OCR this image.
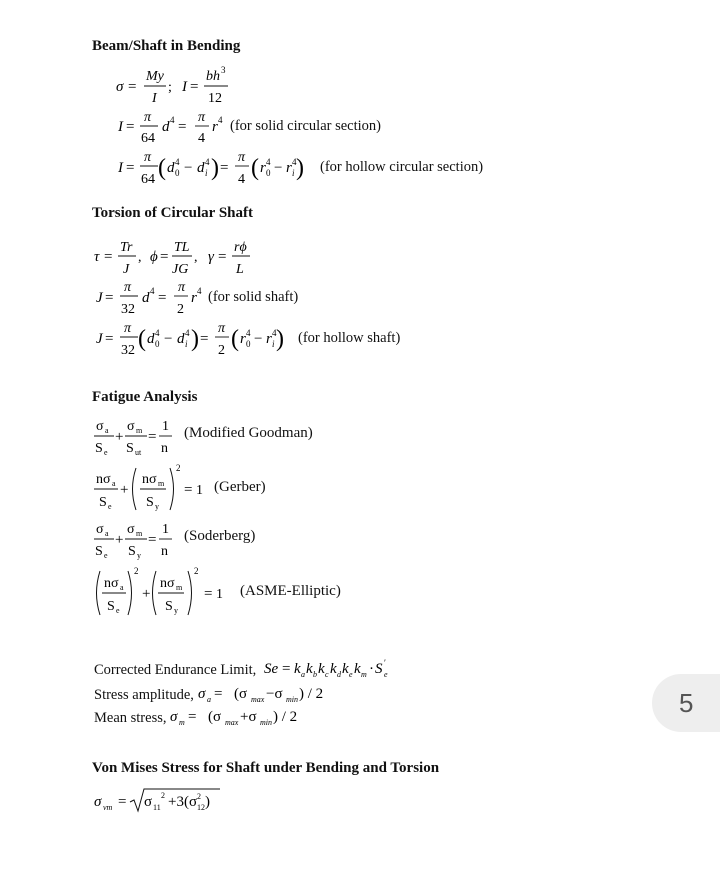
Beam/Shaft in Bending
σ =
My
I
; I =
bh 3
12
I =
π
64
d 4 =
π
4
r 4 (for solid circular section)
I =
π
64 ( d 4
0 − d 4
i ) =
π
4 ( r 4
0 − r 4
i ) (for hollow circular section)
Torsion of Circular Shaft
τ =
Tr
J
, ϕ =
TL
JG
, γ =
rϕ
L
J =
π
32
d 4 =
π
2
r 4 (for solid shaft)
J =
π
32 ( d 4
0 − d 4
i ) =
π
2 ( r 4
0 − r 4
i ) (for hollow shaft)
Fatigue Analysis
σ a
S e
+
σ m
S ut
=
1
n
(Modified Goodman)
nσ a
S e
+
nσ m
S y
2
= 1 (Gerber)
σ a
S e
+
σ m
S y
=
1
n
(Soderberg)
nσ a
S e
2
+
nσ m
S y
2
= 1 (ASME-Elliptic)
Corrected Endurance Limit, Se = k a k b k c k d k e k m · S ′
e
Stress amplitude, σ a = (σ max −σ min ) / 2
Mean stress, σ m = (σ max +σ min ) / 2
Von Mises Stress for Shaft under Bending and Torsion
σ vm = σ 11
2 +3(σ 12
2 )
5
